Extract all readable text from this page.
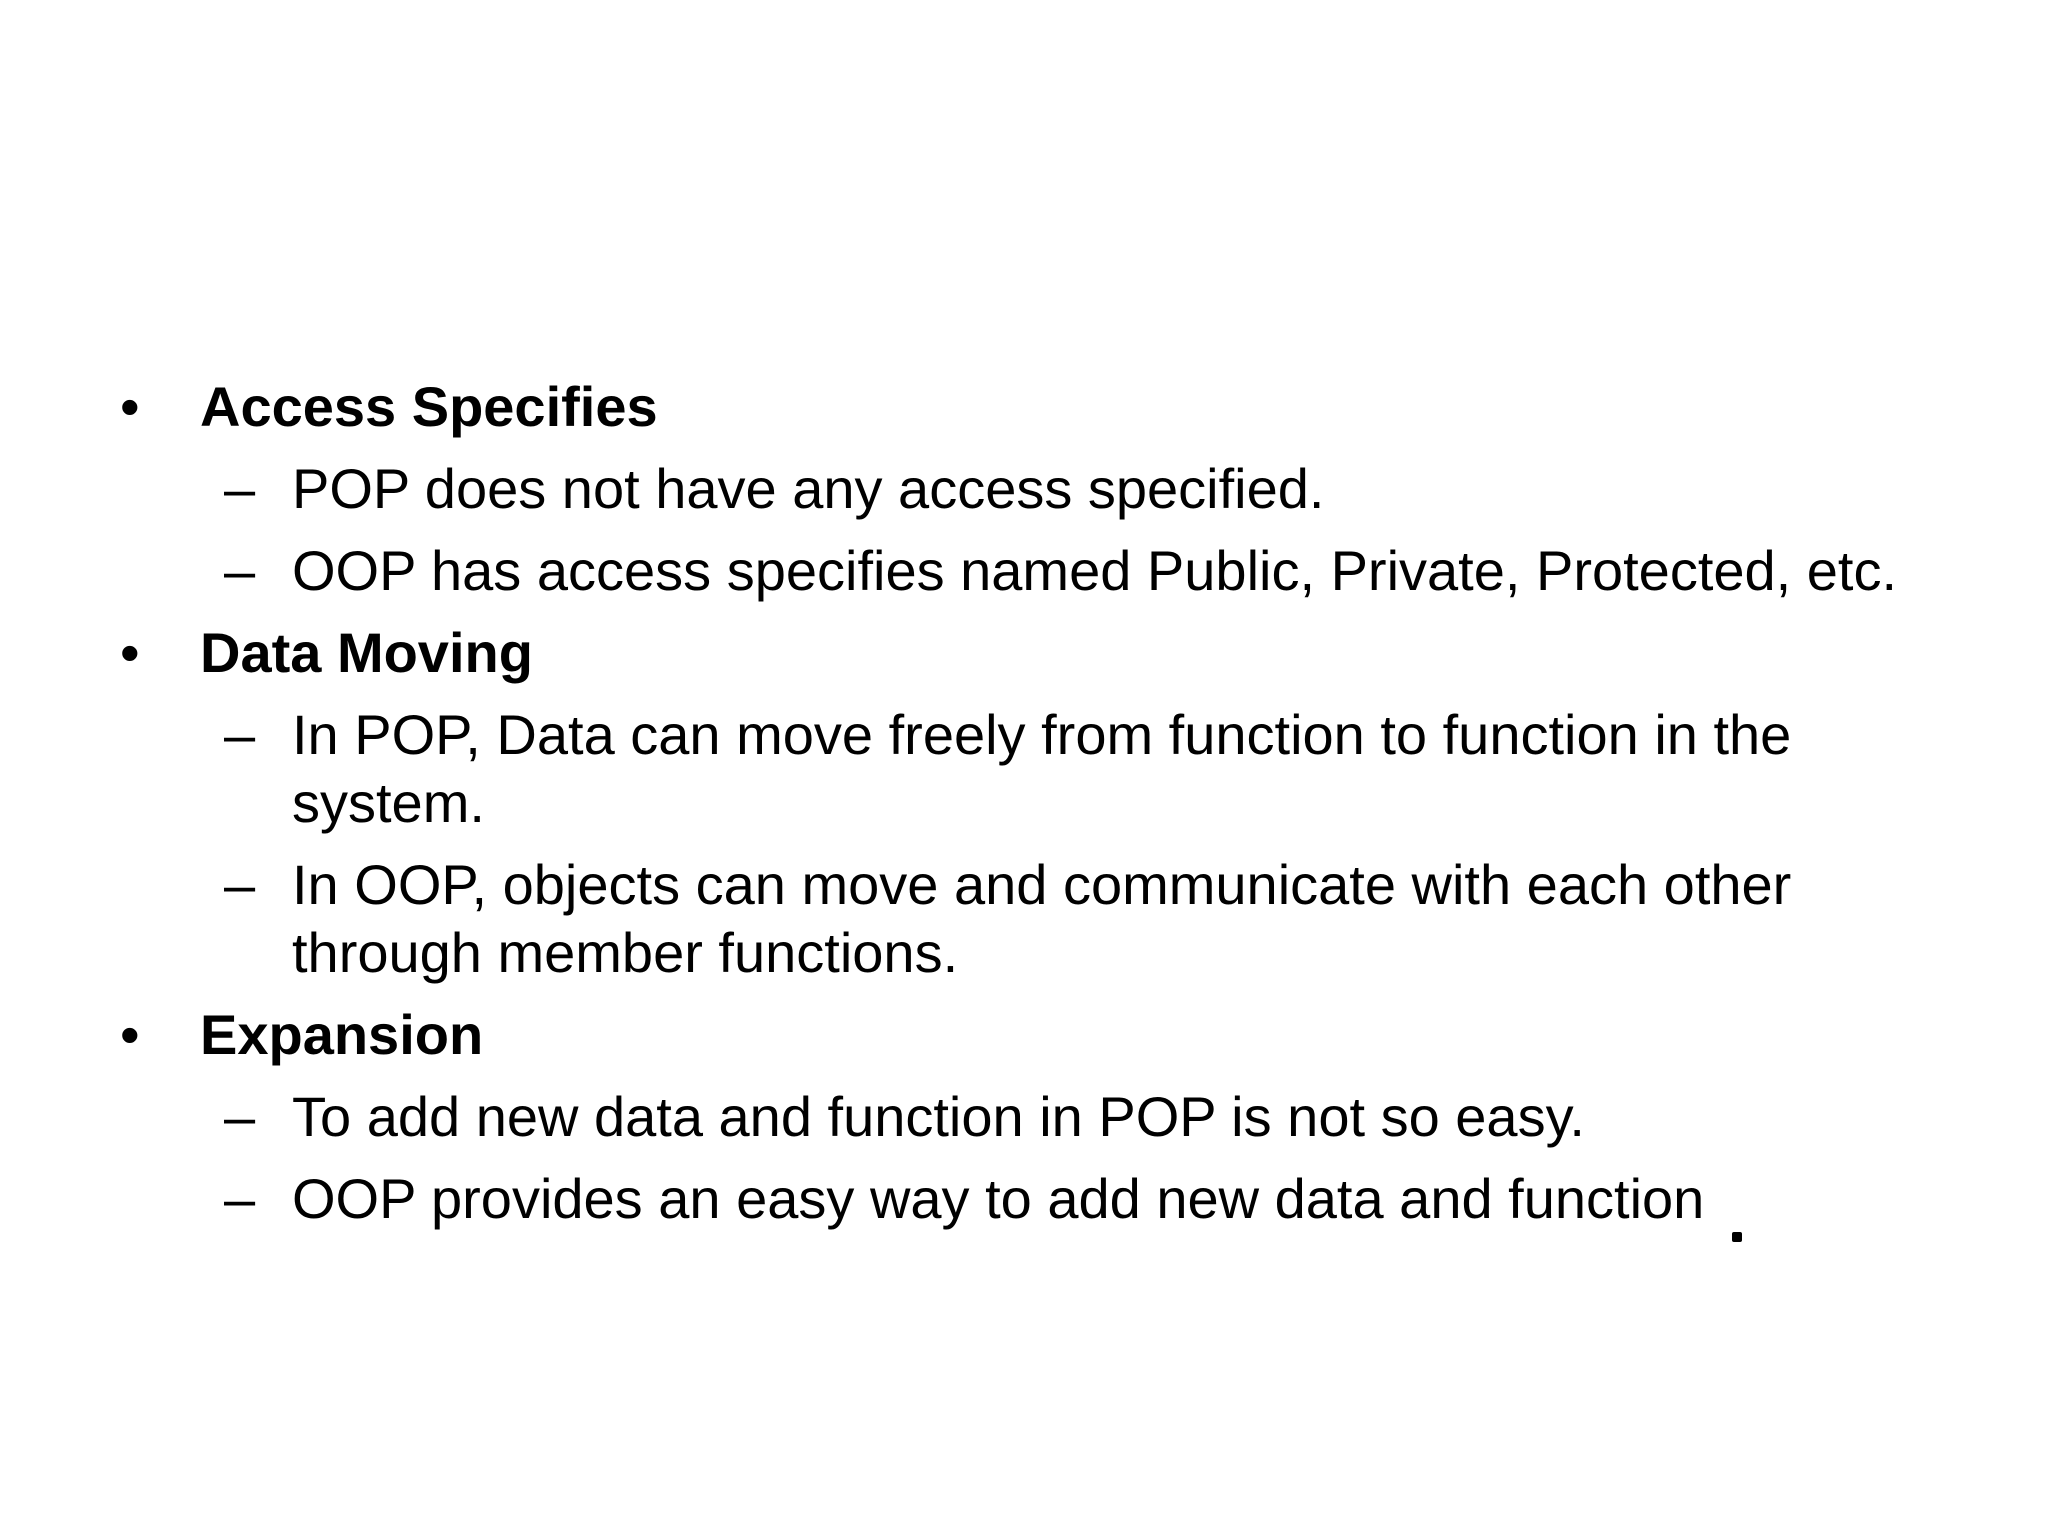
•	Access Specifies
– POP does not have any access specified.
– OOP has access specifies named Public, Private, Protected, etc.
•	Data Moving
– In POP, Data can move freely from function to function in the system.
– In OOP, objects can move and communicate with each other through member functions.
•	Expansion
– To add new data and function in POP is not so easy.
– OOP provides an easy way to add new data and function
